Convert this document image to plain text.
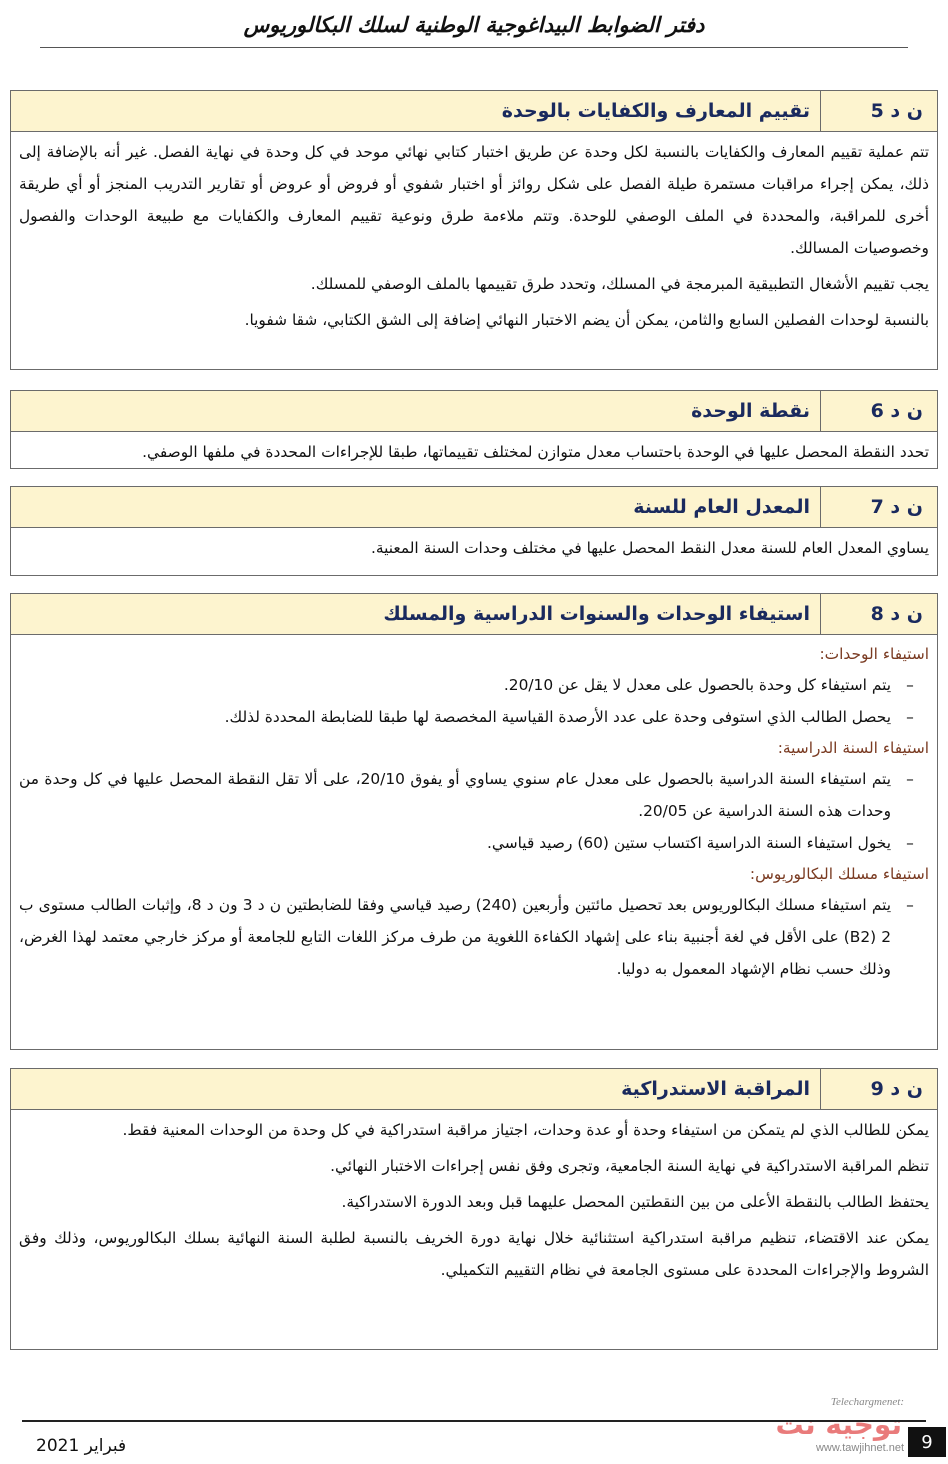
دفتر الضوابط البيداغوجية الوطنية لسلك البكالوريوس
ن د 5
تقييم المعارف والكفايات بالوحدة

تتم عملية تقييم المعارف والكفايات بالنسبة لكل وحدة عن طريق اختبار كتابي نهائي موحد في كل وحدة في نهاية الفصل. غير أنه بالإضافة إلى ذلك، يمكن إجراء مراقبات مستمرة طيلة الفصل على شكل روائز أو اختبار شفوي أو فروض أو عروض أو تقارير التدريب المنجز أو أي طريقة أخرى للمراقبة، والمحددة في الملف الوصفي للوحدة. وتتم ملاءمة طرق ونوعية تقييم المعارف والكفايات مع طبيعة الوحدات والفصول وخصوصيات المسالك.

يجب تقييم الأشغال التطبيقية المبرمجة في المسلك، وتحدد طرق تقييمها بالملف الوصفي للمسلك.

بالنسبة لوحدات الفصلين السابع والثامن، يمكن أن يضم الاختبار النهائي إضافة إلى الشق الكتابي، شقا شفويا.

ن د 6
نقطة الوحدة

تحدد النقطة المحصل عليها في الوحدة باحتساب معدل متوازن لمختلف تقييماتها، طبقا للإجراءات المحددة في ملفها الوصفي.

ن د 7
المعدل العام للسنة

يساوي المعدل العام للسنة معدل النقط المحصل عليها في مختلف وحدات السنة المعنية.

ن د 8
استيفاء الوحدات والسنوات الدراسية والمسلك

استيفاء الوحدات:

–
يتم استيفاء كل وحدة بالحصول على معدل لا يقل عن 20/10.
–
يحصل الطالب الذي استوفى وحدة على عدد الأرصدة القياسية المخصصة لها طبقا للضابطة المحددة لذلك.

استيفاء السنة الدراسية:

–
يتم استيفاء السنة الدراسية بالحصول على معدل عام سنوي يساوي أو يفوق 20/10، على ألا تقل النقطة المحصل عليها في كل وحدة من وحدات هذه السنة الدراسية عن 20/05.
–
يخول استيفاء السنة الدراسية اكتساب ستين (60) رصيد قياسي.

استيفاء مسلك البكالوريوس:

–
يتم استيفاء مسلك البكالوريوس بعد تحصيل مائتين وأربعين (240) رصيد قياسي وفقا للضابطتين ن د 3 ون د 8، وإثبات الطالب مستوى ب 2 (B2) على الأقل في لغة أجنبية بناء على إشهاد الكفاءة اللغوية من طرف مركز اللغات التابع للجامعة أو مركز خارجي معتمد لهذا الغرض، وذلك حسب نظام الإشهاد المعمول به دوليا.
ن د 9
المراقبة الاستدراكية

يمكن للطالب الذي لم يتمكن من استيفاء وحدة أو عدة وحدات، اجتياز مراقبة استدراكية في كل وحدة من الوحدات المعنية فقط.

تنظم المراقبة الاستدراكية في نهاية السنة الجامعية، وتجرى وفق نفس إجراءات الاختبار النهائي.

يحتفظ الطالب بالنقطة الأعلى من بين النقطتين المحصل عليهما قبل وبعد الدورة الاستدراكية.

يمكن عند الاقتضاء، تنظيم مراقبة استدراكية استثنائية خلال نهاية دورة الخريف بالنسبة لطلبة السنة النهائية بسلك البكالوريوس، وذلك وفق الشروط والإجراءات المحددة على مستوى الجامعة في نظام التقييم التكميلي.

Telechargmenet:
توجيه نت
www.tawjihnet.net 9
فبراير 2021
